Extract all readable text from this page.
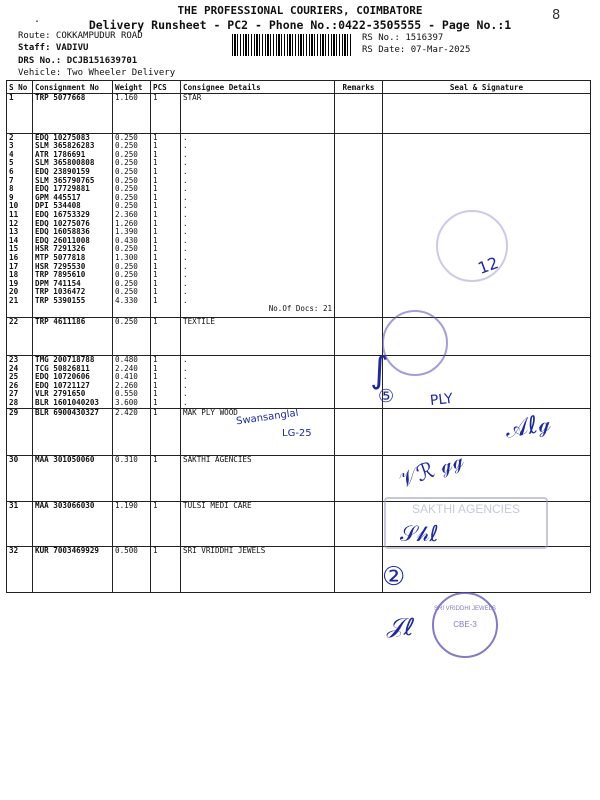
.
THE PROFESSIONAL COURIERS, COIMBATORE
Delivery Runsheet - PC2 - Phone No.:0422-3505555 - Page No.:1
8
Route: COKKAMPUDUR ROAD
Staff: VADIVU
DRS No.: DCJB151639701
Vehicle: Two Wheeler Delivery
RS No.: 1516397
RS Date: 07-Mar-2025
S No	Consignment No	Weight	PCS	Consignee Details	Remarks	Seal & Signature
1	TRP 5077668	1.160	1	STAR		

2	EDQ 10275083	0.250	1	.		
3	SLM 365826283	0.250	1	.		
4	ATR 1786691	0.250	1	.		
5	SLM 365800808	0.250	1	.		
6	EDQ 23890159	0.250	1	.		
7	SLM 365790765	0.250	1	.		
8	EDQ 17729881	0.250	1	.		
9	GPM 445517	0.250	1	.		
10	DPI 534408	0.250	1	.		
11	EDQ 16753329	2.360	1	.		
12	EDQ 10275076	1.260	1	.		
13	EDQ 16058836	1.390	1	.		
14	EDQ 26011008	0.430	1	.		
15	HSR 7291326	0.250	1	.		
16	MTP 5077818	1.300	1	.		
17	HSR 7295530	0.250	1	.		
18	TRP 7895610	0.250	1	.		
19	DPM 741154	0.250	1	.		
20	TRP 1036472	0.250	1	.		
21	TRP 5390155	4.330	1	.		
				No.Of Docs: 21		
22	TRP 4611186	0.250	1	TEXTILE		

23	TMG 200718788	0.480	1	.		
24	TCG 50826811	2.240	1	.		
25	EDQ 10720606	0.410	1	.		
26	EDQ 10721127	2.260	1	.		
27	VLR 2791650	0.550	1	.		
28	BLR 1601040203	3.600	1	.		
29	BLR 6900430327	2.420	1	MAK PLY WOOD		

30	MAA 301050060	0.310	1	SAKTHI AGENCIES		

31	MAA 303066030	1.190	1	TULSI MEDI CARE		

32	KUR 7003469929	0.500	1	SRI VRIDDHI JEWELS		

Swansanglal
LG-25
12
PLY
∫
⑤
𝒜ℓℊ
𝒱ℛ ℊℊ
𝒮𝒽ℓ
②
𝒥ℓ
SAKTHI AGENCIES
SRI VRIDDHI JEWELS
CBE-3
